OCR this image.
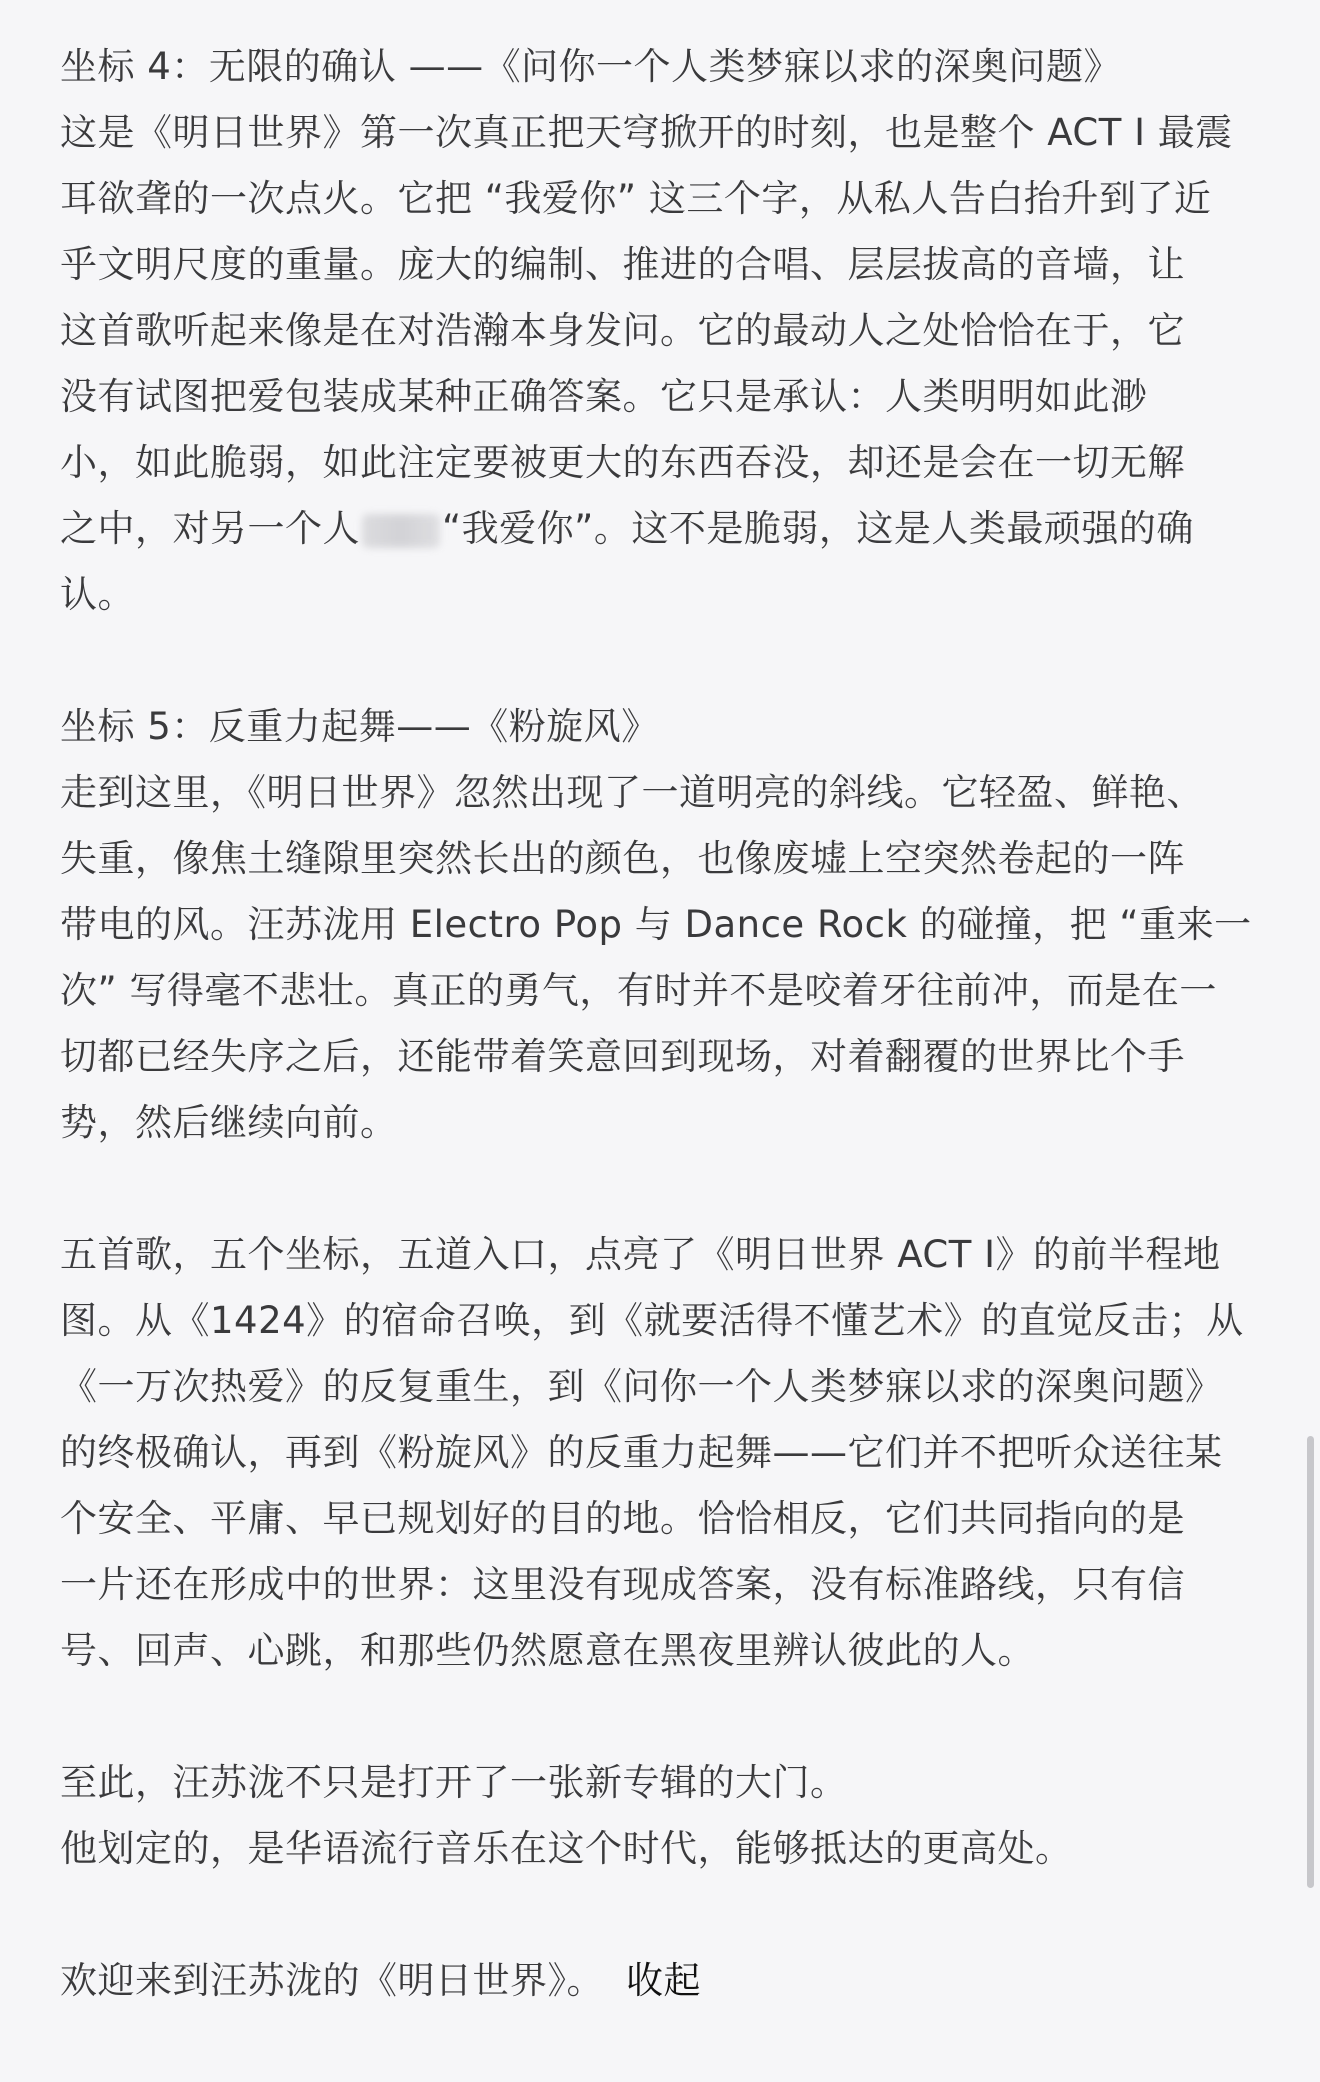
坐标 4：无限的确认 ——《问你一个人类梦寐以求的深奥问题》
这是《明日世界》第一次真正把天穹掀开的时刻，也是整个 ACT I 最震
耳欲聋的一次点火。它把 “我爱你” 这三个字，从私人告白抬升到了近
乎文明尺度的重量。庞大的编制、推进的合唱、层层拔高的音墙，让
这首歌听起来像是在对浩瀚本身发问。它的最动人之处恰恰在于，它
没有试图把爱包装成某种正确答案。它只是承认：人类明明如此渺
小，如此脆弱，如此注定要被更大的东西吞没，却还是会在一切无解
之中，对另一个人 “我爱你”。这不是脆弱，这是人类最顽强的确
认。
坐标 5：反重力起舞——《粉旋风》
走到这里，《明日世界》忽然出现了一道明亮的斜线。它轻盈、鲜艳、
失重，像焦土缝隙里突然长出的颜色，也像废墟上空突然卷起的一阵
带电的风。汪苏泷用 Electro Pop 与 Dance Rock 的碰撞，把 “重来一
次” 写得毫不悲壮。真正的勇气，有时并不是咬着牙往前冲，而是在一
切都已经失序之后，还能带着笑意回到现场，对着翻覆的世界比个手
势，然后继续向前。
五首歌，五个坐标，五道入口，点亮了《明日世界 ACT I》的前半程地
图。从《1424》的宿命召唤，到《就要活得不懂艺术》的直觉反击；从
《一万次热爱》的反复重生，到《问你一个人类梦寐以求的深奥问题》
的终极确认，再到《粉旋风》的反重力起舞——它们并不把听众送往某
个安全、平庸、早已规划好的目的地。恰恰相反，它们共同指向的是
一片还在形成中的世界：这里没有现成答案，没有标准路线，只有信
号、回声、心跳，和那些仍然愿意在黑夜里辨认彼此的人。
至此，汪苏泷不只是打开了一张新专辑的大门。
他划定的，是华语流行音乐在这个时代，能够抵达的更高处。
欢迎来到汪苏泷的《明日世界》。 收起
